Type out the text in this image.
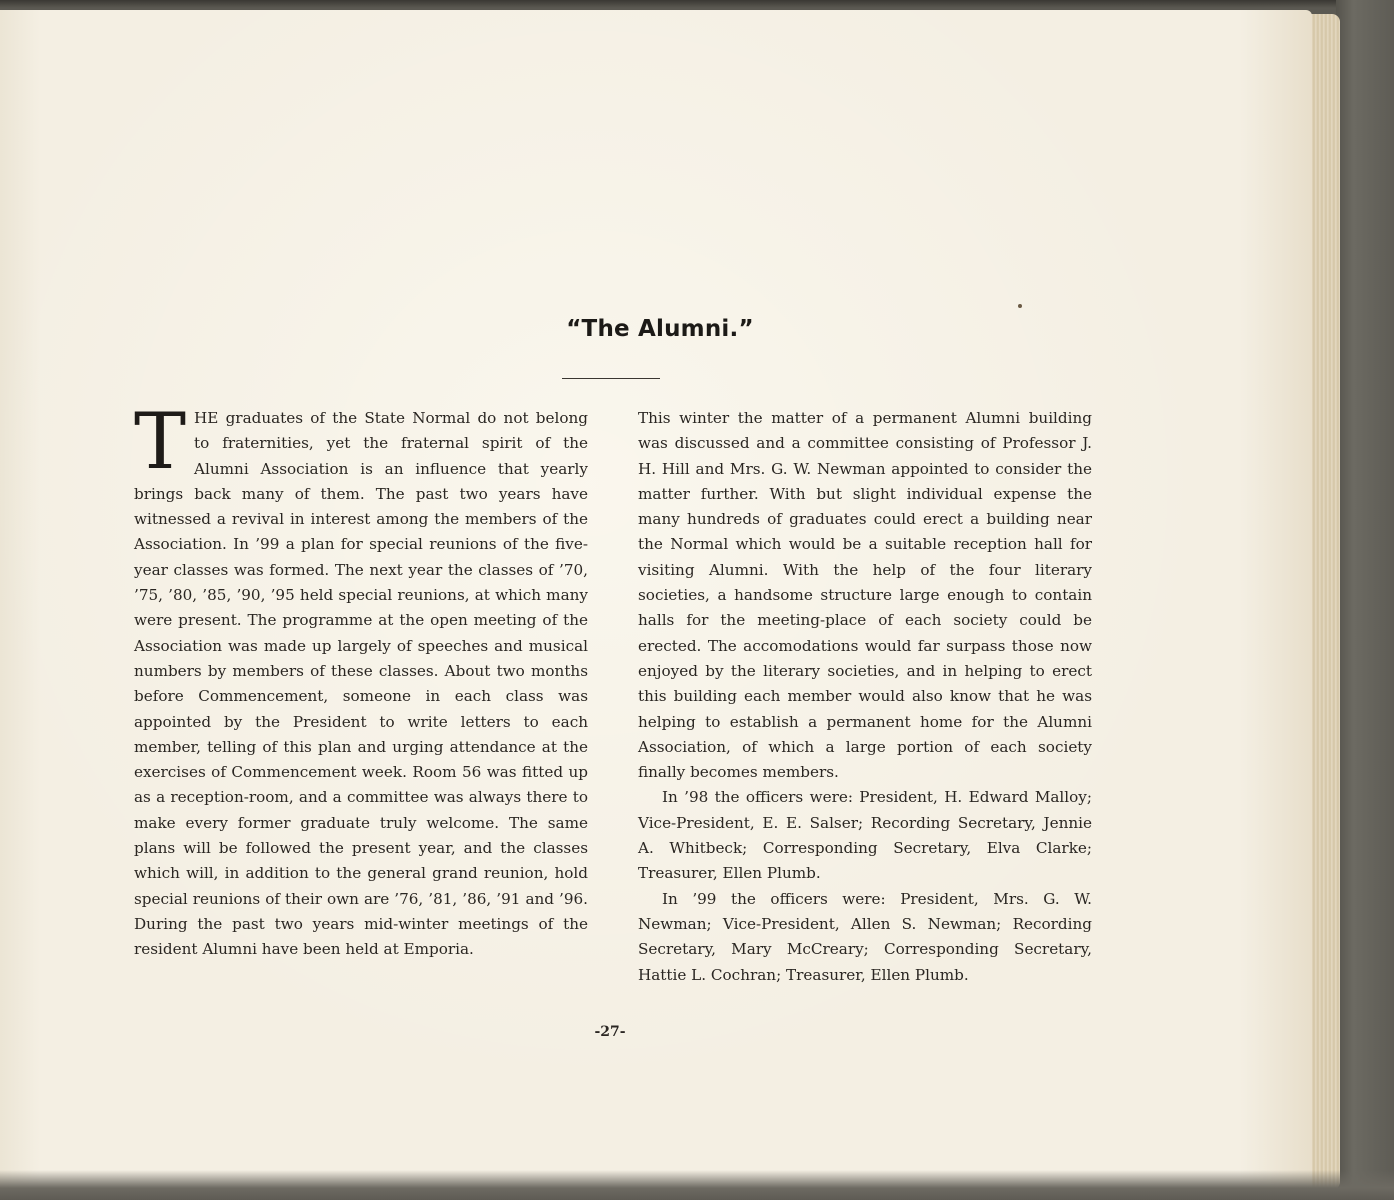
“The Alumni.”

THE graduates of the State Normal do not belong to fraternities, yet the fraternal spirit of the Alumni Association is an influence that yearly brings back many of them. The past two years have witnessed a revival in interest among the members of the Association. In ’99 a plan for special reunions of the five-year classes was formed. The next year the classes of ’70, ’75, ’80, ’85, ’90, ’95 held special reunions, at which many were present. The programme at the open meeting of the Association was made up largely of speeches and musical numbers by members of these classes. About two months before Commencement, someone in each class was appointed by the President to write letters to each member, telling of this plan and urging attendance at the exercises of Commencement week. Room 56 was fitted up as a reception-room, and a committee was always there to make every former graduate truly welcome. The same plans will be followed the present year, and the classes which will, in addition to the general grand reunion, hold special reunions of their own are ’76, ’81, ’86, ’91 and ’96. During the past two years mid-winter meetings of the resident Alumni have been held at Emporia.

This winter the matter of a permanent Alumni building was discussed and a committee consisting of Professor J. H. Hill and Mrs. G. W. Newman appointed to consider the matter further. With but slight individual expense the many hundreds of graduates could erect a building near the Normal which would be a suitable reception hall for visiting Alumni. With the help of the four literary societies, a handsome structure large enough to contain halls for the meeting-place of each society could be erected. The accomodations would far surpass those now enjoyed by the literary societies, and in helping to erect this building each member would also know that he was helping to establish a permanent home for the Alumni Association, of which a large portion of each society finally becomes members.

In ’98 the officers were: President, H. Edward Malloy; Vice-President, E. E. Salser; Recording Secretary, Jennie A. Whitbeck; Corresponding Secretary, Elva Clarke; Treasurer, Ellen Plumb.

In ’99 the officers were: President, Mrs. G. W. Newman; Vice-President, Allen S. Newman; Recording Secretary, Mary McCreary; Corresponding Secretary, Hattie L. Cochran; Treasurer, Ellen Plumb.

-27-
